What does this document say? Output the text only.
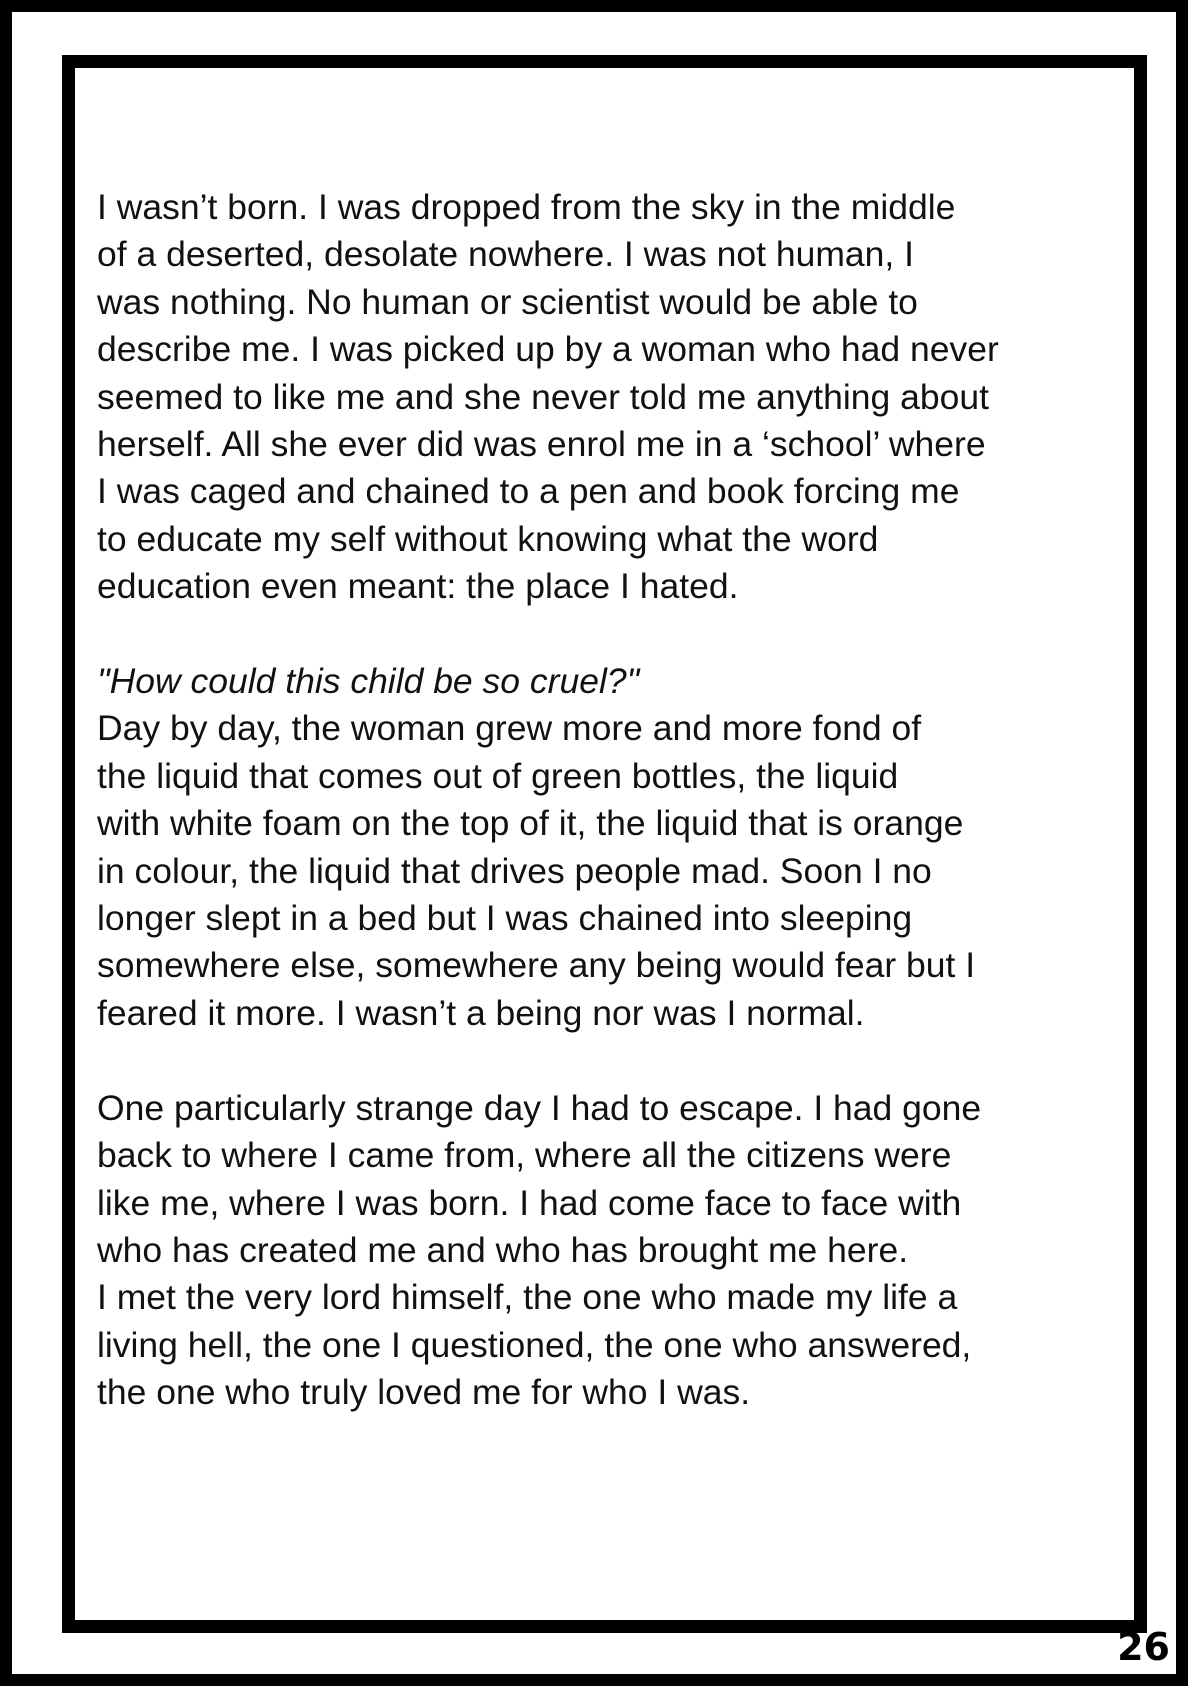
I wasn’t born. I was dropped from the sky in the middle
of a deserted, desolate nowhere. I was not human, I
was nothing. No human or scientist would be able to
describe me. I was picked up by a woman who had never
seemed to like me and she never told me anything about
herself. All she ever did was enrol me in a ‘school’ where
I was caged and chained to a pen and book forcing me
to educate my self without knowing what the word
education even meant: the place I hated.
"How could this child be so cruel?"
Day by day, the woman grew more and more fond of
the liquid that comes out of green bottles, the liquid
with white foam on the top of it, the liquid that is orange
in colour, the liquid that drives people mad. Soon I no
longer slept in a bed but I was chained into sleeping
somewhere else, somewhere any being would fear but I
feared it more. I wasn’t a being nor was I normal.
One particularly strange day I had to escape. I had gone
back to where I came from, where all the citizens were
like me, where I was born. I had come face to face with
who has created me and who has brought me here.
I met the very lord himself, the one who made my life a
living hell, the one I questioned, the one who answered,
the one who truly loved me for who I was.
26
